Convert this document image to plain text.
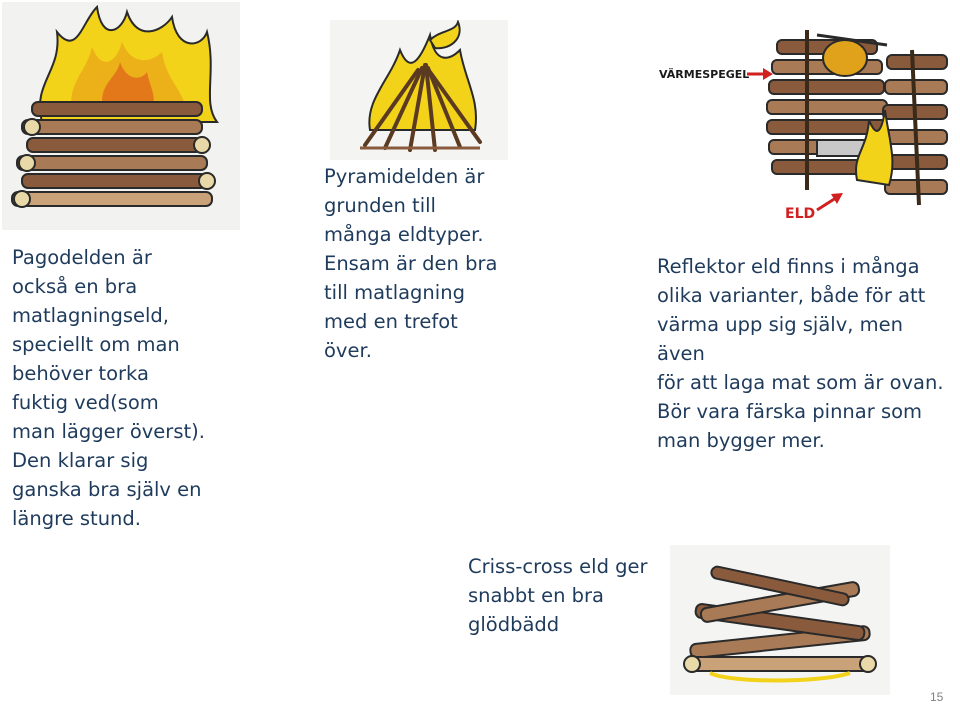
VÄRMESPEGEL
ELD
Pagodelden är
också en bra
matlagningseld,
speciellt om man
behöver torka
fuktig ved(som
man lägger överst).
Den klarar sig
ganska bra själv en
längre stund.
Pyramidelden är
grunden till
många eldtyper.
Ensam är den bra
till matlagning
med en trefot
över.
Reflektor eld finns i många
olika varianter, både för att
värma upp sig själv, men även
för att laga mat som är ovan.
Bör vara färska pinnar som
man bygger mer.
Criss-cross eld ger
snabbt en bra
glödbädd
15
